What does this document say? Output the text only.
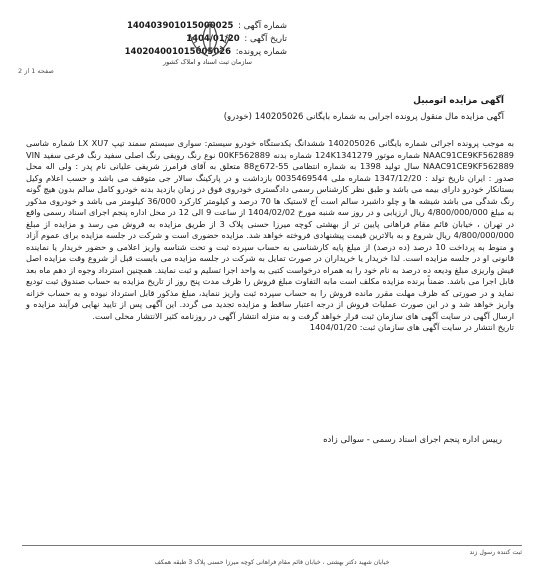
شماره آگهی : 140403901015000025
تاریخ آگهی : 1404/01/20
شماره پرونده: 140204001015005026
سازمان ثبت اسناد و املاک کشور
صفحه 1 از 2
آگهی مزایده اتومبیل
آگهی مزایده مال منقول پرونده اجرایی به شماره بایگانی 140205026 (خودرو)
به موجب پرونده اجرائی شماره بایگانی 140205026 ششدانگ یکدستگاه خودرو سیستم: سواری سیستم سمند تیپ LX XU7 شماره شاسی NAAC91CE9KF562889 شماره موتور 124K1341279 شماره بدنه 00KF562889 نوع رنگ رویفی رنگ اصلی سفید رنگ فرعی سفید VIN NAAC91CE9KF562889 سال تولید 1398 به شماره انتظامی 55-672ج88 متعلق به آقای فرامرز شریفی علیانی نام پدر : ولی اله محل صدور : ایران تاریخ تولد : 1347/12/20 شماره ملی 0035469544 بازداشت و در پارکینگ سالار جی متوقف می باشد و حسب اعلام وکیل بستانکار خودرو دارای بیمه می باشد و طبق نظر کارشناس رسمی دادگستری خودروی فوق در زمان بازدید بدنه خودرو کامل سالم بدون هیچ گونه رنگ شدگی می باشد شیشه ها و چلو داشبرد سالم است آج لاستیک ها 70 درصد و کیلومتر کارکرد 36/000 کیلومتر می باشد و خودروی مذکور به مبلغ 4/800/000/000 ریال ارزیابی و در روز سه شنبه مورخ 1404/02/02 از ساعت 9 الی 12 در محل اداره پنجم اجرای اسناد رسمی واقع در تهران ، خیابان قائم مقام فراهانی پایین تر از بهشتی کوچه میرزا حسنی پلاک 3 از طریق مزایده به فروش می رسد و مزایده از مبلغ 4/800/000/000 ریال شروع و به بالاترین قیمت پیشنهادی فروخته خواهد شد. مزایده حضوری است و شرکت در جلسه مزایده برای عموم آزاد و منوط به پرداخت 10 درصد (ده درصد) از مبلغ پایه کارشناسی به حساب سپرده ثبت و تحت شناسه واریز اعلامی و حضور خریدار یا نماینده قانونی او در جلسه مزایده است. لذا خریدار یا خریداران در صورت تمایل به شرکت در جلسه مزایده می بایست قبل از شروع وقت مزایده اصل فیش واریزی مبلغ ودیعه ده درصد به نام خود را به همراه درخواست کتبی به واحد اجرا تسلیم و ثبت نمایند. همچنین استرداد وجوه از دهم ماه بعد قابل اجرا می باشد. ضمناً برنده مزایده مکلف است مابه التفاوت مبلغ فروش را ظرف مدت پنج روز از تاریخ مزایده به حساب صندوق ثبت تودیع نماید و در صورتی که ظرف مهلت مقرر مانده فروش را به حساب سپرده ثبت واریز ننماید، مبلغ مذکور قابل استرداد نبوده و به حساب خزانه واریز خواهد شد و در این صورت عملیات فروش از درجه اعتبار ساقط و مزایده تجدید می گردد. این آگهی پس از تایید نهایی فرآیند مزایده و ارسال آگهی در سایت آگهی های سازمان ثبت قرار خواهد گرفت و به منزله انتشار آگهی در روزنامه کثیر الانتشار محلی است.
تاریخ انتشار در سایت آگهی های سازمان ثبت: 1404/01/20
رییس اداره پنجم اجرای اسناد رسمی - سوالی زاده
ثبت کننده رسول زند
خیابان شهید دکتر بهشتی ، خیابان قائم مقام فراهانی کوچه میرزا حسنی پلاک 3 طبقه همکف
